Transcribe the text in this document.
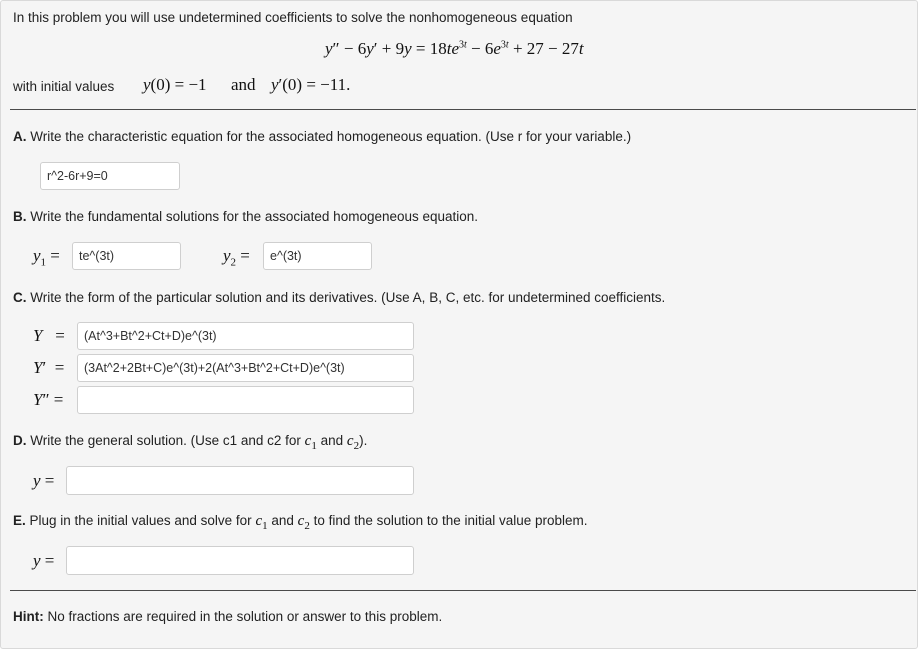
In this problem you will use undetermined coefficients to solve the nonhomogeneous equation
$y'' - 6y' + 9y = 18te^{3t} - 6e^{3t} + 27 - 27t$
with initial values y(0) = −1 and y′(0) = −11.
A. Write the characteristic equation for the associated homogeneous equation. (Use r for your variable.)
r^2-6r+9=0
B. Write the fundamental solutions for the associated homogeneous equation.
$y_1$ =	te^(3t)	$y_2$ =	e^(3t)
C. Write the form of the particular solution and its derivatives. (Use A, B, C, etc. for undetermined coefficients.
Y   =	(At^3+Bt^2+Ct+D)e^(3t)
Y′  =	(3At^2+2Bt+C)e^(3t)+2(At^3+Bt^2+Ct+D)e^(3t)
Y″ =
D. Write the general solution. (Use c1 and c2 for $c_1$ and $c_2$).
y =
E. Plug in the initial values and solve for $c_1$ and $c_2$ to find the solution to the initial value problem.
y =
Hint: No fractions are required in the solution or answer to this problem.
